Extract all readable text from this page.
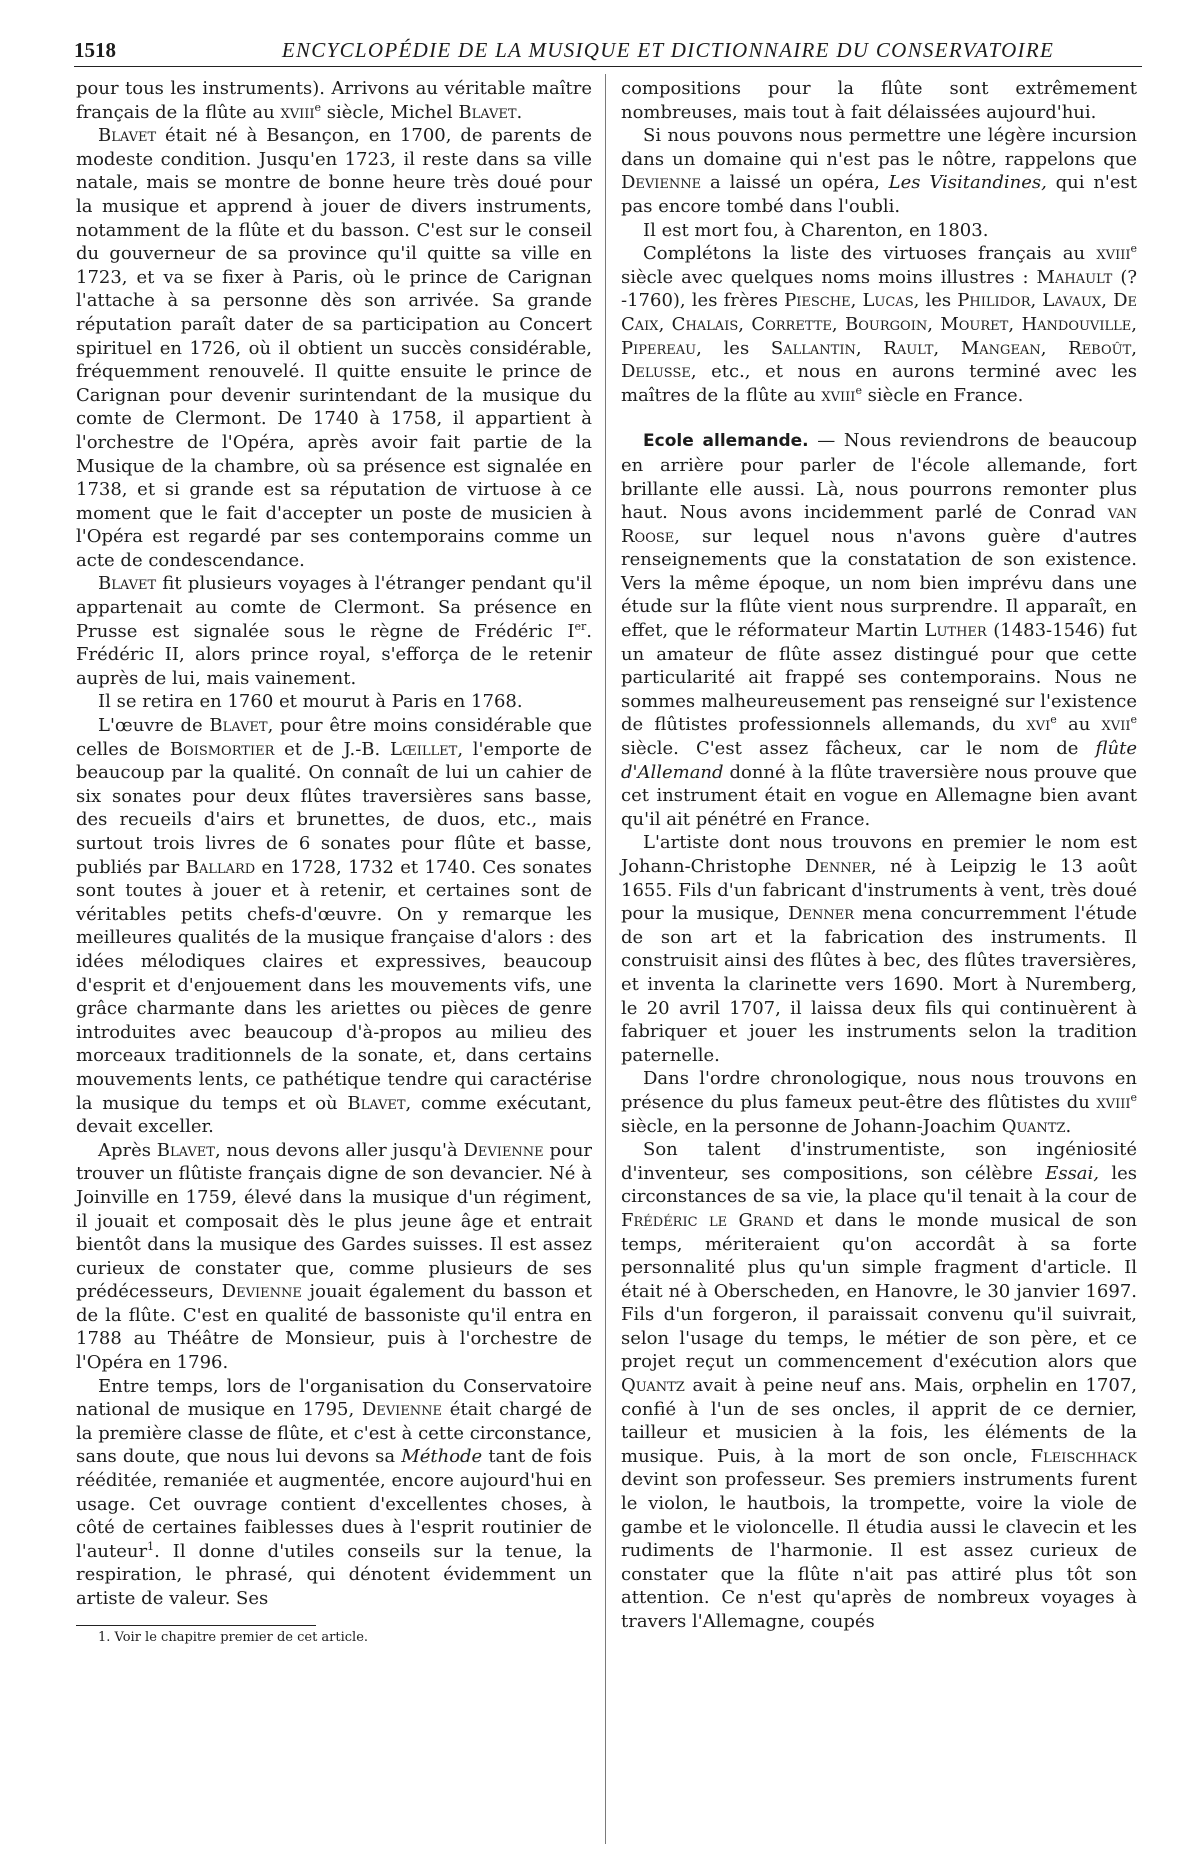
1518	ENCYCLOPÉDIE DE LA MUSIQUE ET DICTIONNAIRE DU CONSERVATOIRE

pour tous les instruments). Arrivons au véritable maître français de la flûte au xviii$^e$ siècle, Michel Blavet.

Blavet était né à Besançon, en 1700, de parents de modeste condition. Jusqu'en 1723, il reste dans sa ville natale, mais se montre de bonne heure très doué pour la musique et apprend à jouer de divers instruments, notamment de la flûte et du basson. C'est sur le conseil du gouverneur de sa province qu'il quitte sa ville en 1723, et va se fixer à Paris, où le prince de Carignan l'attache à sa personne dès son arrivée. Sa grande réputation paraît dater de sa participation au Concert spirituel en 1726, où il obtient un succès considérable, fréquemment renouvelé. Il quitte ensuite le prince de Carignan pour devenir surintendant de la musique du comte de Clermont. De 1740 à 1758, il appartient à l'orchestre de l'Opéra, après avoir fait partie de la Musique de la chambre, où sa présence est signalée en 1738, et si grande est sa réputation de virtuose à ce moment que le fait d'accepter un poste de musicien à l'Opéra est regardé par ses contemporains comme un acte de condescendance.

Blavet fit plusieurs voyages à l'étranger pendant qu'il appartenait au comte de Clermont. Sa présence en Prusse est signalée sous le règne de Frédéric Ier. Frédéric II, alors prince royal, s'efforça de le retenir auprès de lui, mais vainement.

Il se retira en 1760 et mourut à Paris en 1768.

L'œuvre de Blavet, pour être moins considérable que celles de Boismortier et de J.-B. Lœillet, l'emporte de beaucoup par la qualité. On connaît de lui un cahier de six sonates pour deux flûtes traversières sans basse, des recueils d'airs et brunettes, de duos, etc., mais surtout trois livres de 6 sonates pour flûte et basse, publiés par Ballard en 1728, 1732 et 1740. Ces sonates sont toutes à jouer et à retenir, et certaines sont de véritables petits chefs-d'œuvre. On y remarque les meilleures qualités de la musique française d'alors : des idées mélodiques claires et expressives, beaucoup d'esprit et d'enjouement dans les mouvements vifs, une grâce charmante dans les ariettes ou pièces de genre introduites avec beaucoup d'à-propos au milieu des morceaux traditionnels de la sonate, et, dans certains mouvements lents, ce pathétique tendre qui caractérise la musique du temps et où Blavet, comme exécutant, devait exceller.

Après Blavet, nous devons aller jusqu'à Devienne pour trouver un flûtiste français digne de son devancier. Né à Joinville en 1759, élevé dans la musique d'un régiment, il jouait et composait dès le plus jeune âge et entrait bientôt dans la musique des Gardes suisses. Il est assez curieux de constater que, comme plusieurs de ses prédécesseurs, Devienne jouait également du basson et de la flûte. C'est en qualité de bassoniste qu'il entra en 1788 au Théâtre de Monsieur, puis à l'orchestre de l'Opéra en 1796.

Entre temps, lors de l'organisation du Conservatoire national de musique en 1795, Devienne était chargé de la première classe de flûte, et c'est à cette circonstance, sans doute, que nous lui devons sa Méthode tant de fois rééditée, remaniée et augmentée, encore aujourd'hui en usage. Cet ouvrage contient d'excellentes choses, à côté de certaines faiblesses dues à l'esprit routinier de l'auteur$^1$. Il donne d'utiles conseils sur la tenue, la respiration, le phrasé, qui dénotent évidemment un artiste de valeur. Ses

1. Voir le chapitre premier de cet article.

compositions pour la flûte sont extrêmement nombreuses, mais tout à fait délaissées aujourd'hui.

Si nous pouvons nous permettre une légère incursion dans un domaine qui n'est pas le nôtre, rappelons que Devienne a laissé un opéra, Les Visitandines, qui n'est pas encore tombé dans l'oubli.

Il est mort fou, à Charenton, en 1803.

Complétons la liste des virtuoses français au xviii$^e$ siècle avec quelques noms moins illustres : Mahault (?-1760), les frères Piesche, Lucas, les Philidor, Lavaux, De Caix, Chalais, Corrette, Bourgoin, Mouret, Handouville, Pipereau, les Sallantin, Rault, Mangean, Reboût, Delusse, etc., et nous en aurons terminé avec les maîtres de la flûte au xviii$^e$ siècle en France.

Ecole allemande. — Nous reviendrons de beaucoup en arrière pour parler de l'école allemande, fort brillante elle aussi. Là, nous pourrons remonter plus haut. Nous avons incidemment parlé de Conrad van Roose, sur lequel nous n'avons guère d'autres renseignements que la constatation de son existence. Vers la même époque, un nom bien imprévu dans une étude sur la flûte vient nous surprendre. Il apparaît, en effet, que le réformateur Martin Luther (1483-1546) fut un amateur de flûte assez distingué pour que cette particularité ait frappé ses contemporains. Nous ne sommes malheureusement pas renseigné sur l'existence de flûtistes professionnels allemands, du xvi$^e$ au xvii$^e$ siècle. C'est assez fâcheux, car le nom de flûte d'Allemand donné à la flûte traversière nous prouve que cet instrument était en vogue en Allemagne bien avant qu'il ait pénétré en France.

L'artiste dont nous trouvons en premier le nom est Johann-Christophe Denner, né à Leipzig le 13 août 1655. Fils d'un fabricant d'instruments à vent, très doué pour la musique, Denner mena concurremment l'étude de son art et la fabrication des instruments. Il construisit ainsi des flûtes à bec, des flûtes traversières, et inventa la clarinette vers 1690. Mort à Nuremberg, le 20 avril 1707, il laissa deux fils qui continuèrent à fabriquer et jouer les instruments selon la tradition paternelle.

Dans l'ordre chronologique, nous nous trouvons en présence du plus fameux peut-être des flûtistes du xviii$^e$ siècle, en la personne de Johann-Joachim Quantz.

Son talent d'instrumentiste, son ingéniosité d'inventeur, ses compositions, son célèbre Essai, les circonstances de sa vie, la place qu'il tenait à la cour de Frédéric le Grand et dans le monde musical de son temps, mériteraient qu'on accordât à sa forte personnalité plus qu'un simple fragment d'article. Il était né à Oberscheden, en Hanovre, le 30 janvier 1697. Fils d'un forgeron, il paraissait convenu qu'il suivrait, selon l'usage du temps, le métier de son père, et ce projet reçut un commencement d'exécution alors que Quantz avait à peine neuf ans. Mais, orphelin en 1707, confié à l'un de ses oncles, il apprit de ce dernier, tailleur et musicien à la fois, les éléments de la musique. Puis, à la mort de son oncle, Fleischhack devint son professeur. Ses premiers instruments furent le violon, le hautbois, la trompette, voire la viole de gambe et le violoncelle. Il étudia aussi le clavecin et les rudiments de l'harmonie. Il est assez curieux de constater que la flûte n'ait pas attiré plus tôt son attention. Ce n'est qu'après de nombreux voyages à travers l'Allemagne, coupés
